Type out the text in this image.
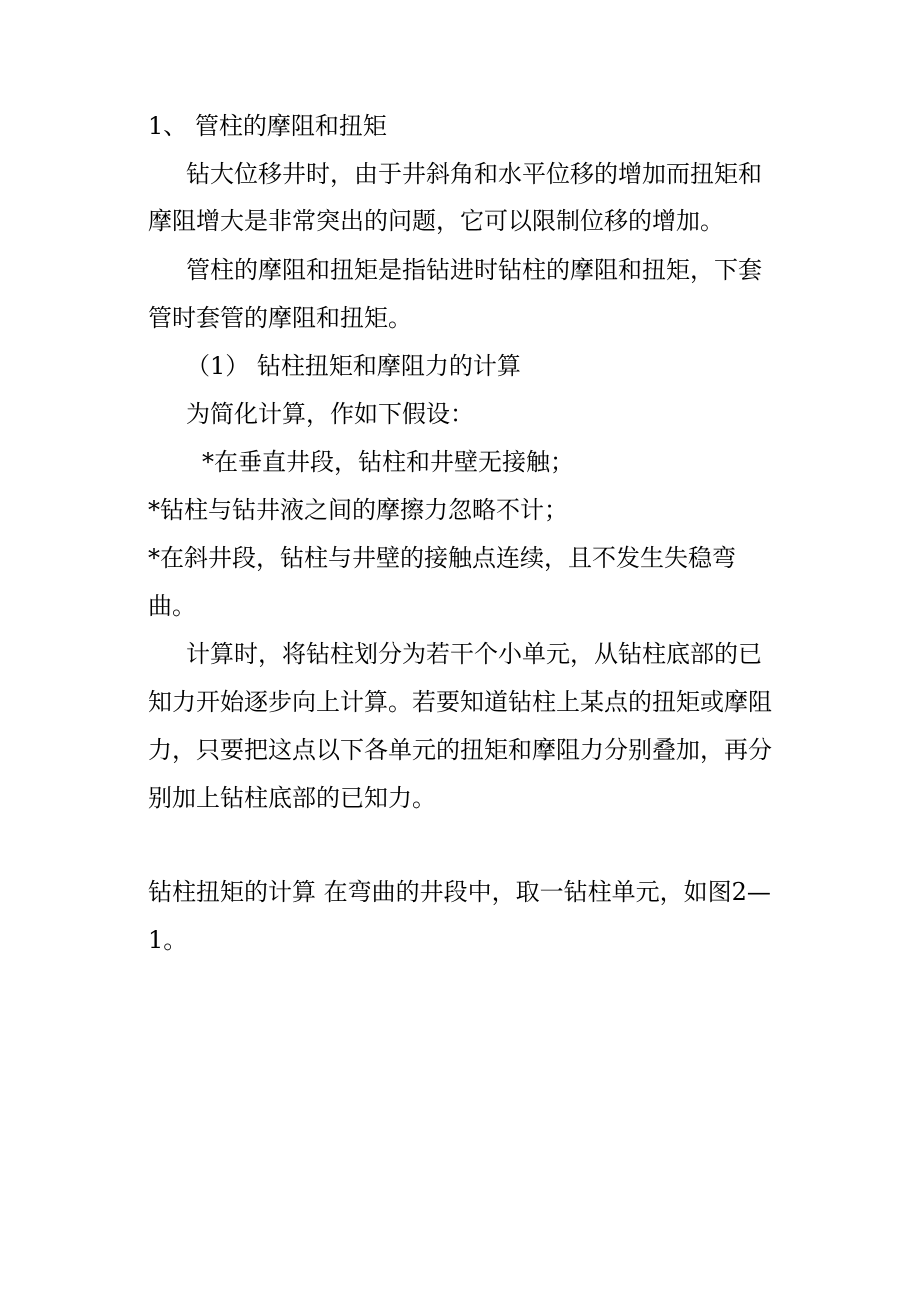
1、 管柱的摩阻和扭矩
钻大位移井时，由于井斜角和水平位移的增加而扭矩和
摩阻增大是非常突出的问题，它可以限制位移的增加。
管柱的摩阻和扭矩是指钻进时钻柱的摩阻和扭矩，下套
管时套管的摩阻和扭矩。
（1） 钻柱扭矩和摩阻力的计算
为简化计算，作如下假设：
*在垂直井段，钻柱和井壁无接触；
*钻柱与钻井液之间的摩擦力忽略不计；
*在斜井段，钻柱与井壁的接触点连续，且不发生失稳弯
曲。
计算时，将钻柱划分为若干个小单元，从钻柱底部的已
知力开始逐步向上计算。若要知道钻柱上某点的扭矩或摩阻
力，只要把这点以下各单元的扭矩和摩阻力分别叠加，再分
别加上钻柱底部的已知力。
钻柱扭矩的计算 在弯曲的井段中，取一钻柱单元，如图2—
1。
